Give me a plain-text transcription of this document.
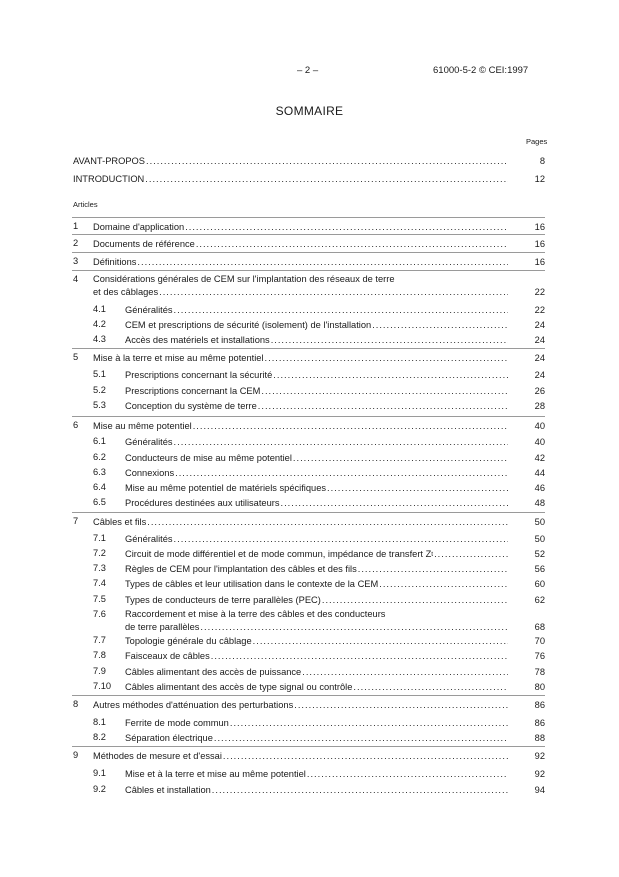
– 2 –	61000-5-2 © CEI:1997
SOMMAIRE
Pages
AVANT-PROPOS .....	8
INTRODUCTION .....	12
Articles
1 Domaine d'application .....	16
2 Documents de référence .....	16
3 Définitions .....	16
4 Considérations générales de CEM sur l'implantation des réseaux de terre
et des câblages .....	22
4.1 Généralités .....	22
4.2 CEM et prescriptions de sécurité (isolement) de l'installation .....	24
4.3 Accès des matériels et installations .....	24
5 Mise à la terre et mise au même potentiel .....	24
5.1 Prescriptions concernant la sécurité .....	24
5.2 Prescriptions concernant la CEM .....	26
5.3 Conception du système de terre .....	28
6 Mise au même potentiel .....	40
6.1 Généralités .....	40
6.2 Conducteurs de mise au même potentiel .....	42
6.3 Connexions .....	44
6.4 Mise au même potentiel de matériels spécifiques .....	46
6.5 Procédures destinées aux utilisateurs .....	48
7 Câbles et fils .....	50
7.1 Généralités .....	50
7.2 Circuit de mode différentiel et de mode commun, impédance de transfert Z t .....	52
7.3 Règles de CEM pour l'implantation des câbles et des fils .....	56
7.4 Types de câbles et leur utilisation dans le contexte de la CEM .....	60
7.5 Types de conducteurs de terre parallèles (PEC) .....	62
7.6 Raccordement et mise à la terre des câbles et des conducteurs
de terre parallèles .....	68
7.7 Topologie générale du câblage .....	70
7.8 Faisceaux de câbles .....	76
7.9 Câbles alimentant des accès de puissance .....	78
7.10 Câbles alimentant des accès de type signal ou contrôle .....	80
8 Autres méthodes d'atténuation des perturbations .....	86
8.1 Ferrite de mode commun .....	86
8.2 Séparation électrique .....	88
9 Méthodes de mesure et d'essai .....	92
9.1 Mise et à la terre et mise au même potentiel .....	92
9.2 Câbles et installation .....	94
